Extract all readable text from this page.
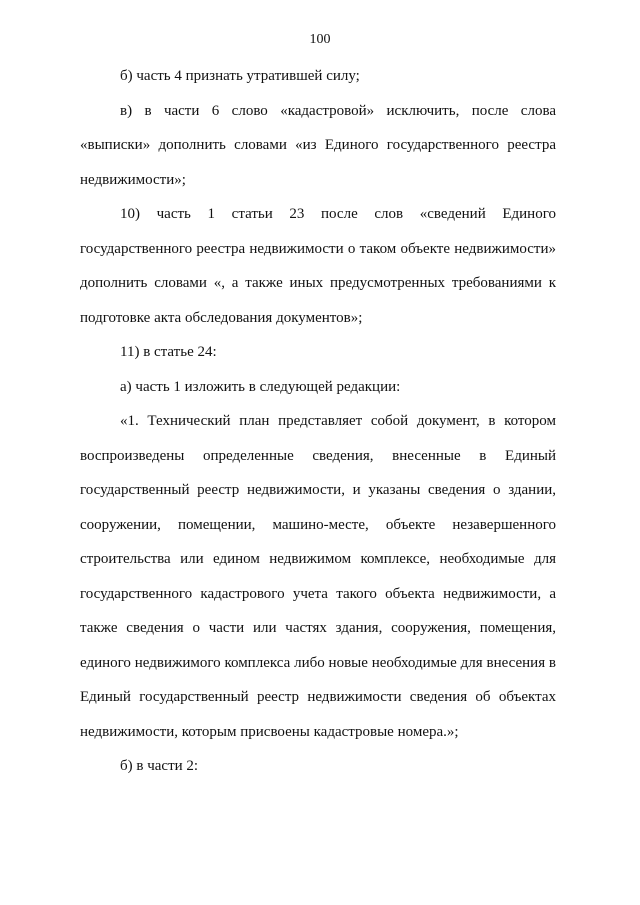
100

б) часть 4 признать утратившей силу;

в) в части 6 слово «кадастровой» исключить, после слова «выписки» дополнить словами «из Единого государственного реестра недвижимости»;

10) часть 1 статьи 23 после слов «сведений Единого государственного реестра недвижимости о таком объекте недвижимости» дополнить словами «, а также иных предусмотренных требованиями к подготовке акта обследования документов»;

11) в статье 24:

а) часть 1 изложить в следующей редакции:

«1. Технический план представляет собой документ, в котором воспроизведены определенные сведения, внесенные в Единый государственный реестр недвижимости, и указаны сведения о здании, сооружении, помещении, машино-месте, объекте незавершенного строительства или едином недвижимом комплексе, необходимые для государственного кадастрового учета такого объекта недвижимости, а также сведения о части или частях здания, сооружения, помещения, единого недвижимого комплекса либо новые необходимые для внесения в Единый государственный реестр недвижимости сведения об объектах недвижимости, которым присвоены кадастровые номера.»;

б) в части 2:
